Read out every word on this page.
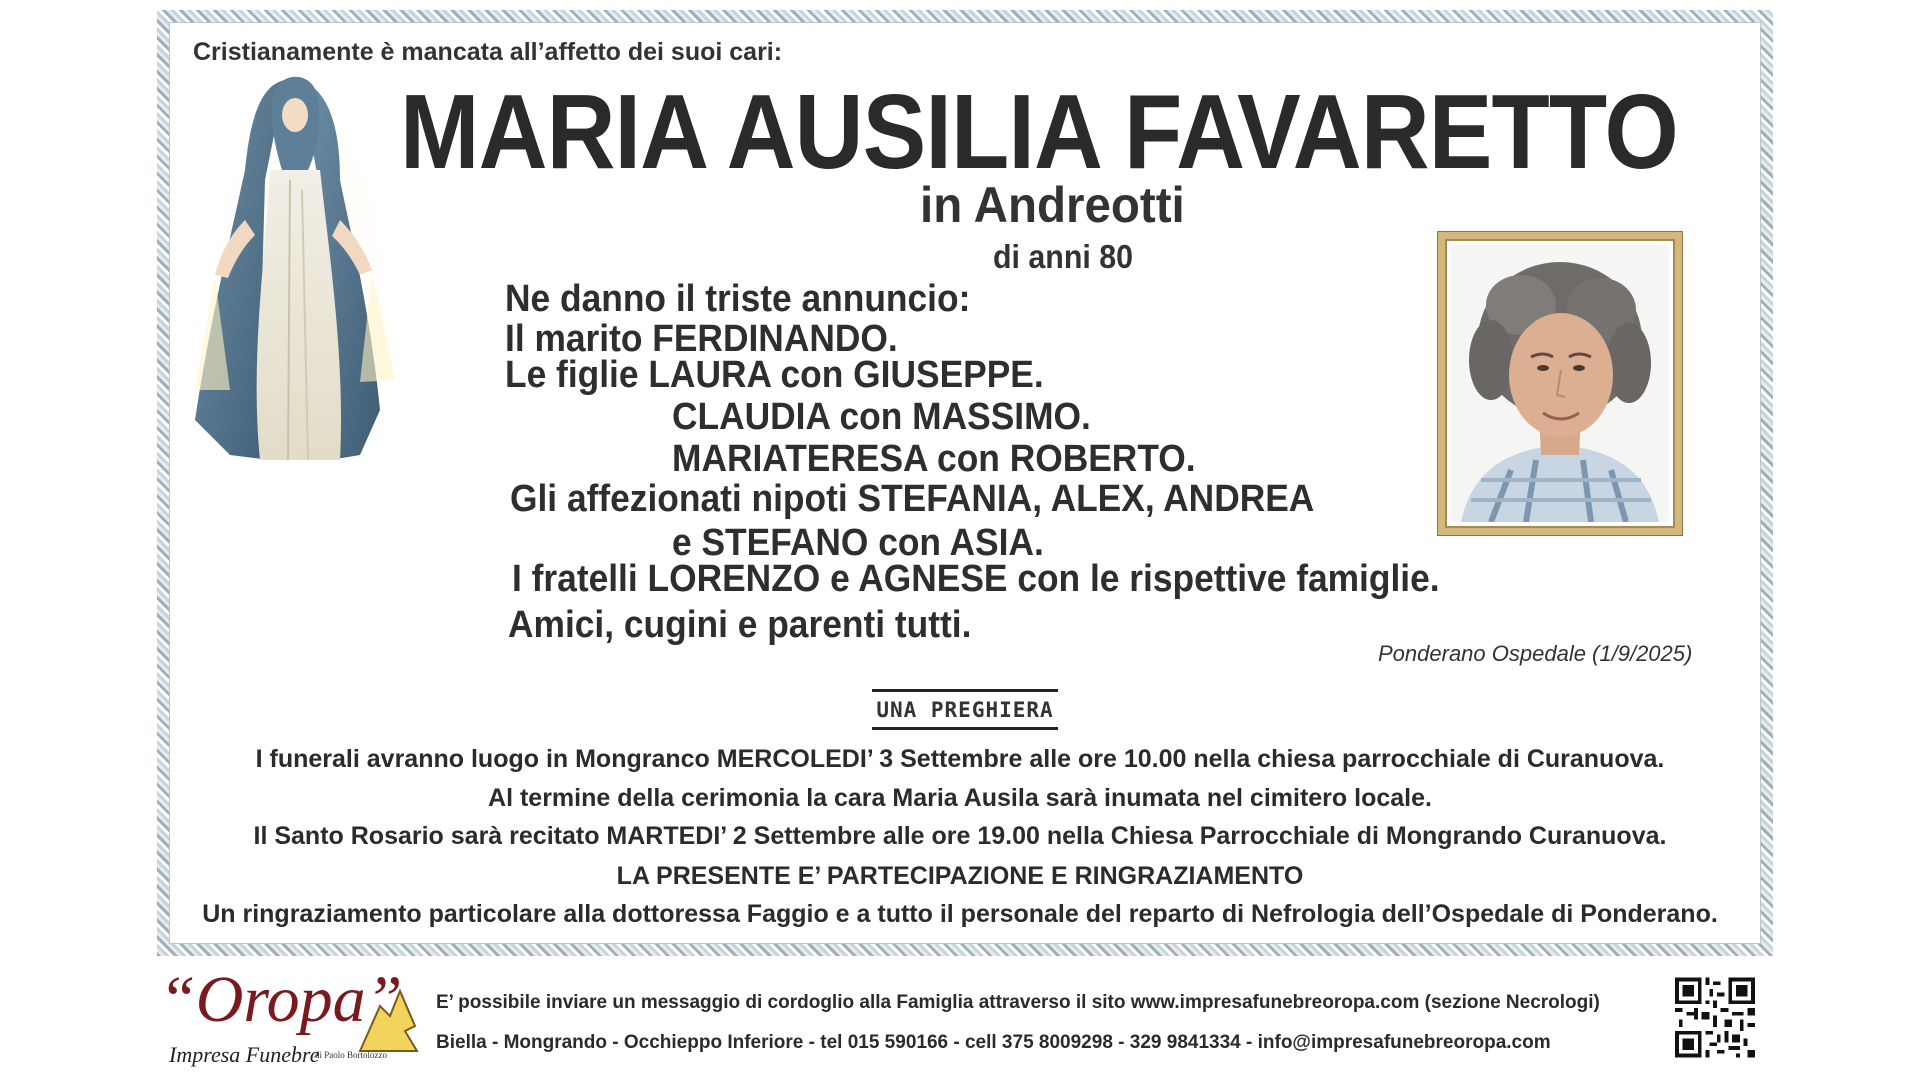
Cristianamente è mancata all’affetto dei suoi cari:
MARIA AUSILIA FAVARETTO
in Andreotti
di anni 80
Ne danno il triste annuncio:
Il marito FERDINANDO.
Le figlie LAURA con GIUSEPPE.
CLAUDIA con MASSIMO.
MARIATERESA con ROBERTO.
Gli affezionati nipoti STEFANIA, ALEX, ANDREA
e STEFANO con ASIA.
I fratelli LORENZO e AGNESE con le rispettive famiglie.
Amici, cugini e parenti tutti.
Ponderano Ospedale (1/9/2025)
UNA PREGHIERA
I funerali avranno luogo in Mongranco MERCOLEDI’ 3 Settembre alle ore 10.00 nella chiesa parrocchiale di Curanuova.
Al termine della cerimonia la cara Maria Ausila sarà inumata nel cimitero locale.
Il Santo Rosario sarà recitato MARTEDI’ 2 Settembre alle ore 19.00 nella Chiesa Parrocchiale di Mongrando Curanuova.
LA PRESENTE E’ PARTECIPAZIONE E RINGRAZIAMENTO
Un ringraziamento particolare alla dottoressa Faggio e a tutto il personale del reparto di Nefrologia dell’Ospedale di Ponderano.
“Oropa”
Impresa Funebre
di Paolo Bortolozzo
E’ possibile inviare un messaggio di cordoglio alla Famiglia attraverso il sito www.impresafunebreoropa.com (sezione Necrologi)
Biella - Mongrando - Occhieppo Inferiore - tel 015 590166 - cell 375 8009298 - 329 9841334 - info@impresafunebreoropa.com
